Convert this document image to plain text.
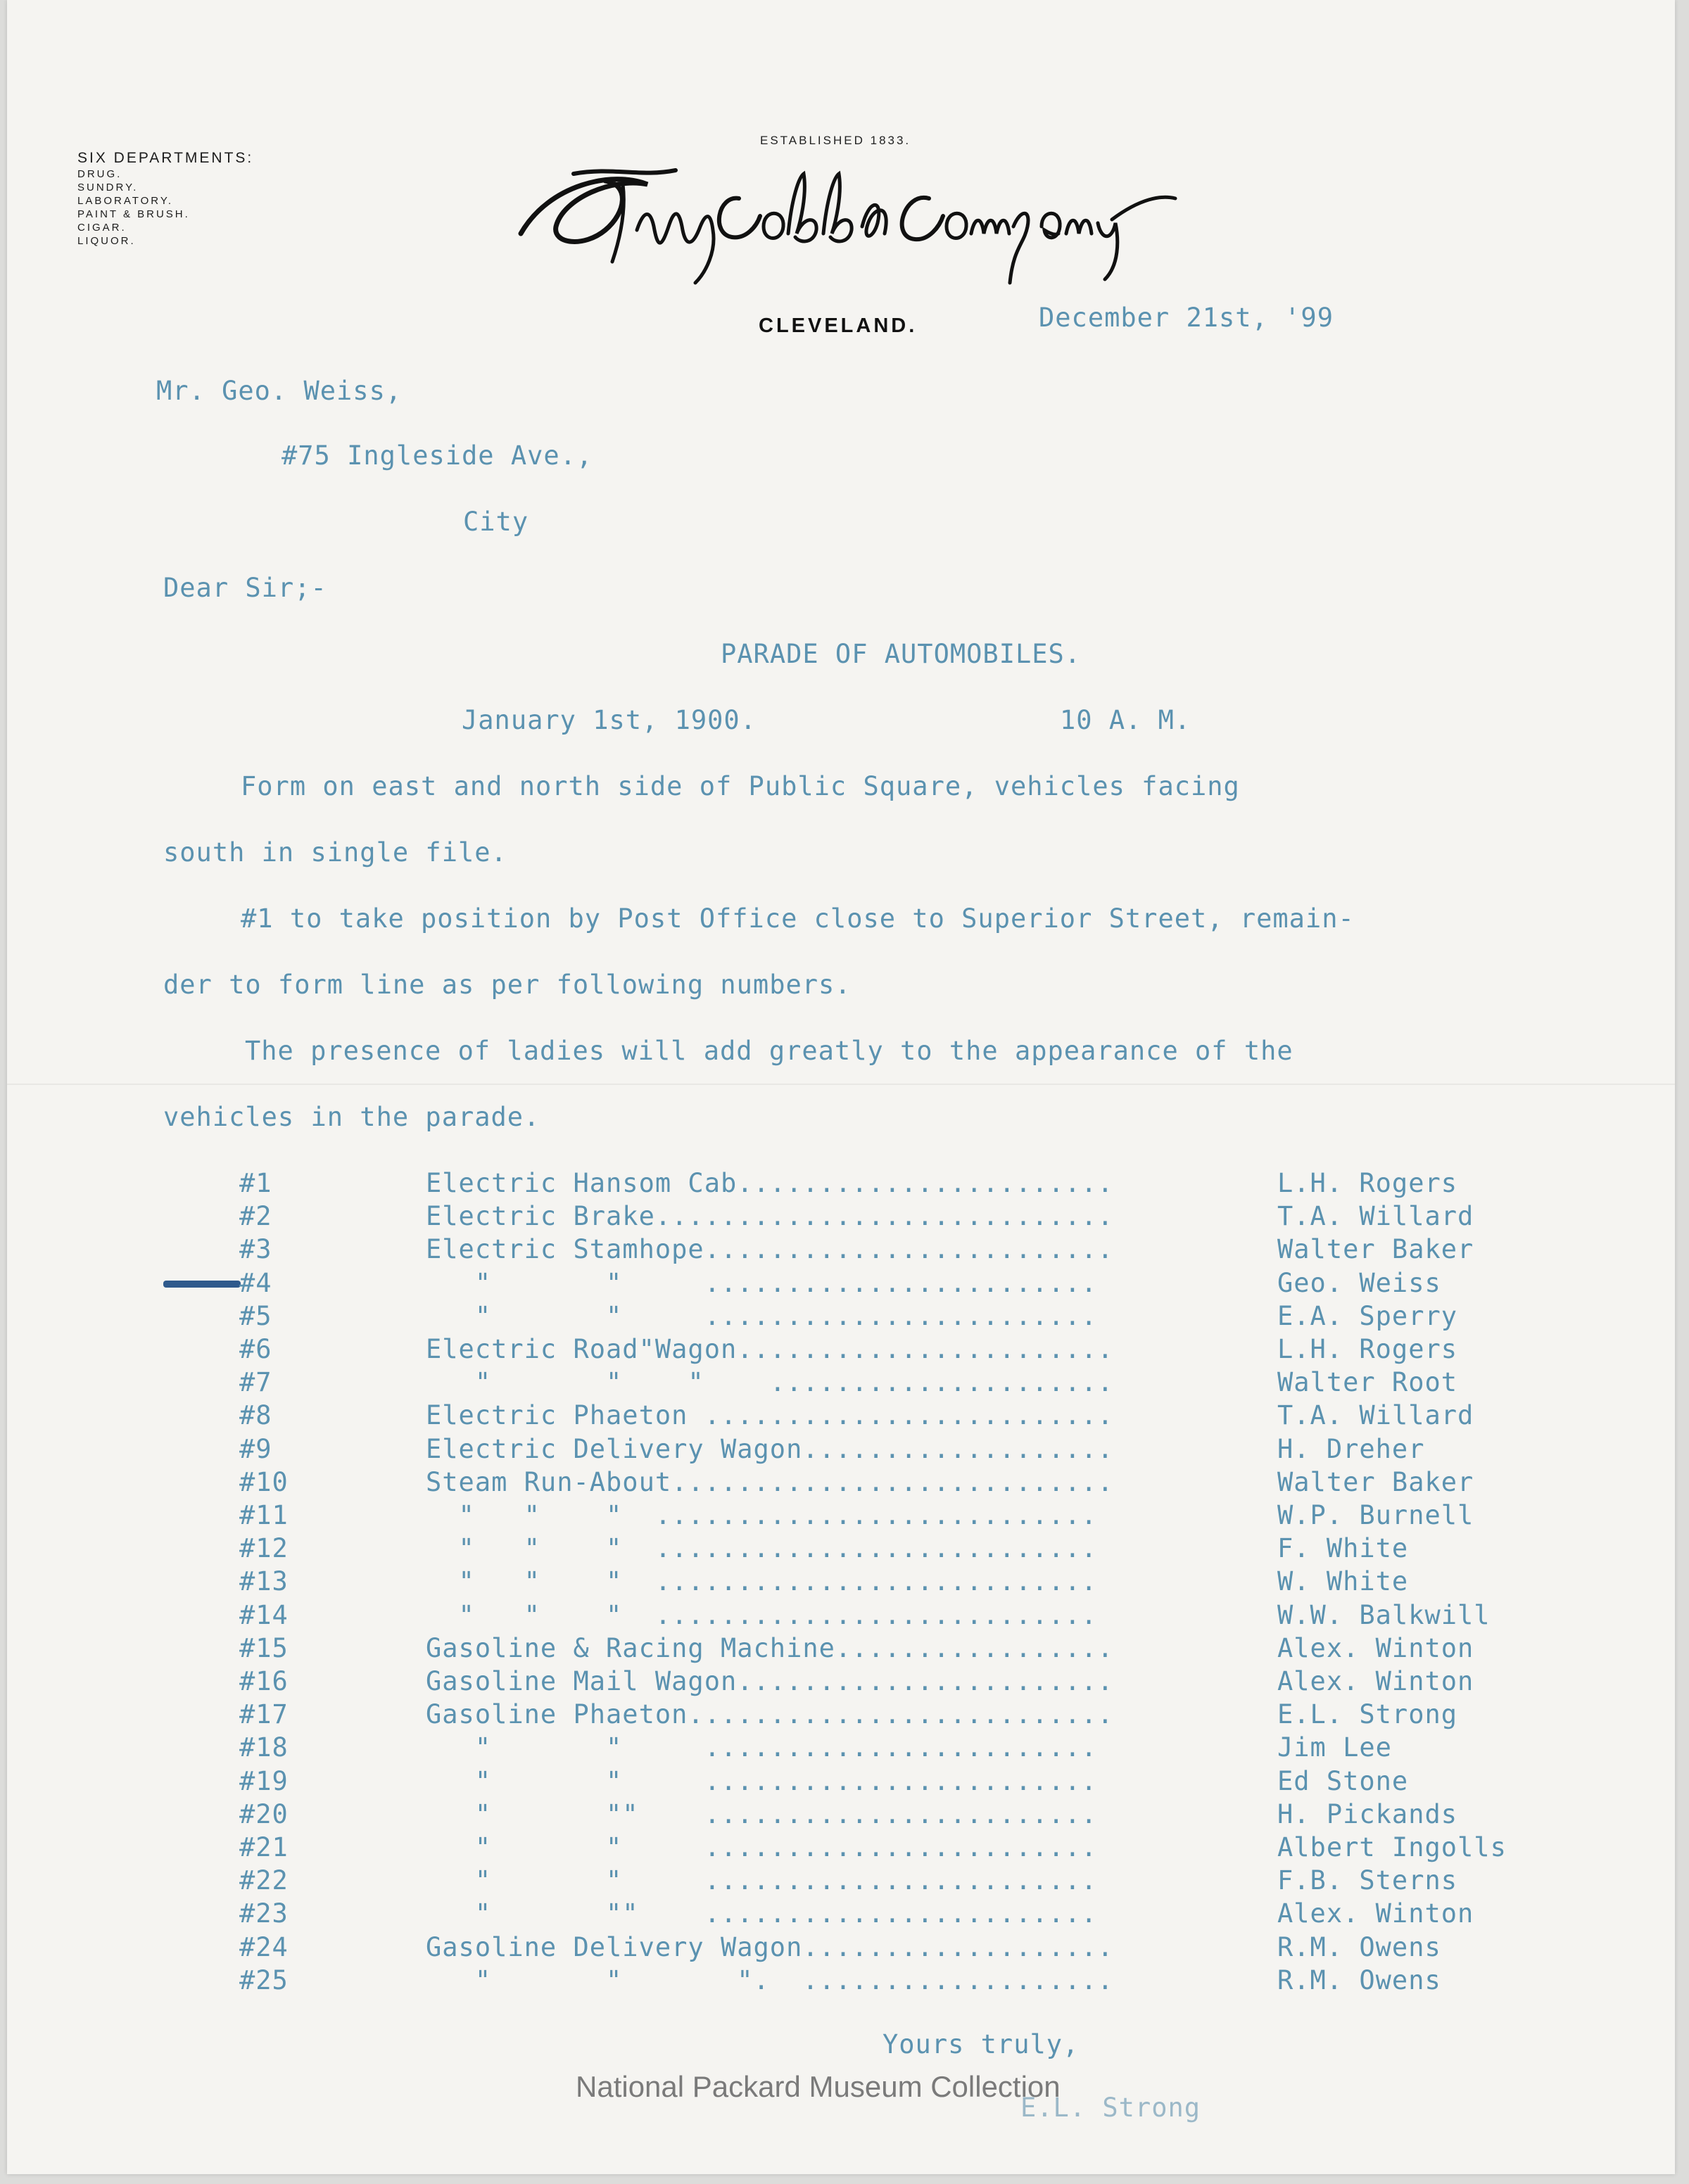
SIX DEPARTMENTS:
DRUG.
SUNDRY.
LABORATORY.
PAINT & BRUSH.
CIGAR.
LIQUOR.
ESTABLISHED 1833.
CLEVELAND.	December 21st, '99
Mr. Geo. Weiss,
#75 Ingleside Ave.,
City
Dear Sir;-
PARADE OF AUTOMOBILES.
January 1st, 1900.	10 A. M.
Form on east and north side of Public Square, vehicles facing
south in single file.
#1 to take position by Post Office close to Superior Street, remain-
der to form line as per following numbers.
The presence of ladies will add greatly to the appearance of the
vehicles in the parade.
#1	Electric Hansom Cab.......................	L.H. Rogers
#2	Electric Brake............................	T.A. Willard
#3	Electric Stamhope.........................	Walter Baker
#4	"       "     ........................	Geo. Weiss
#5	"       "     ........................	E.A. Sperry
#6	Electric Road"Wagon.......................	L.H. Rogers
#7	"       "    "    .....................	Walter Root
#8	Electric Phaeton .........................	T.A. Willard
#9	Electric Delivery Wagon...................	H. Dreher
#10	Steam Run-About...........................	Walter Baker
#11	"   "    "  ...........................	W.P. Burnell
#12	"   "    "  ...........................	F. White
#13	"   "    "  ...........................	W. White
#14	"   "    "  ...........................	W.W. Balkwill
#15	Gasoline & Racing Machine.................	Alex. Winton
#16	Gasoline Mail Wagon.......................	Alex. Winton
#17	Gasoline Phaeton..........................	E.L. Strong
#18	"       "     ........................	Jim Lee
#19	"       "     ........................	Ed Stone
#20	"       ""    ........................	H. Pickands
#21	"       "     ........................	Albert Ingolls
#22	"       "     ........................	F.B. Sterns
#23	"       ""    ........................	Alex. Winton
#24	Gasoline Delivery Wagon...................	R.M. Owens
#25	"       "       ".  ...................	R.M. Owens
Yours truly,
E.L. Strong
National Packard Museum Collection
